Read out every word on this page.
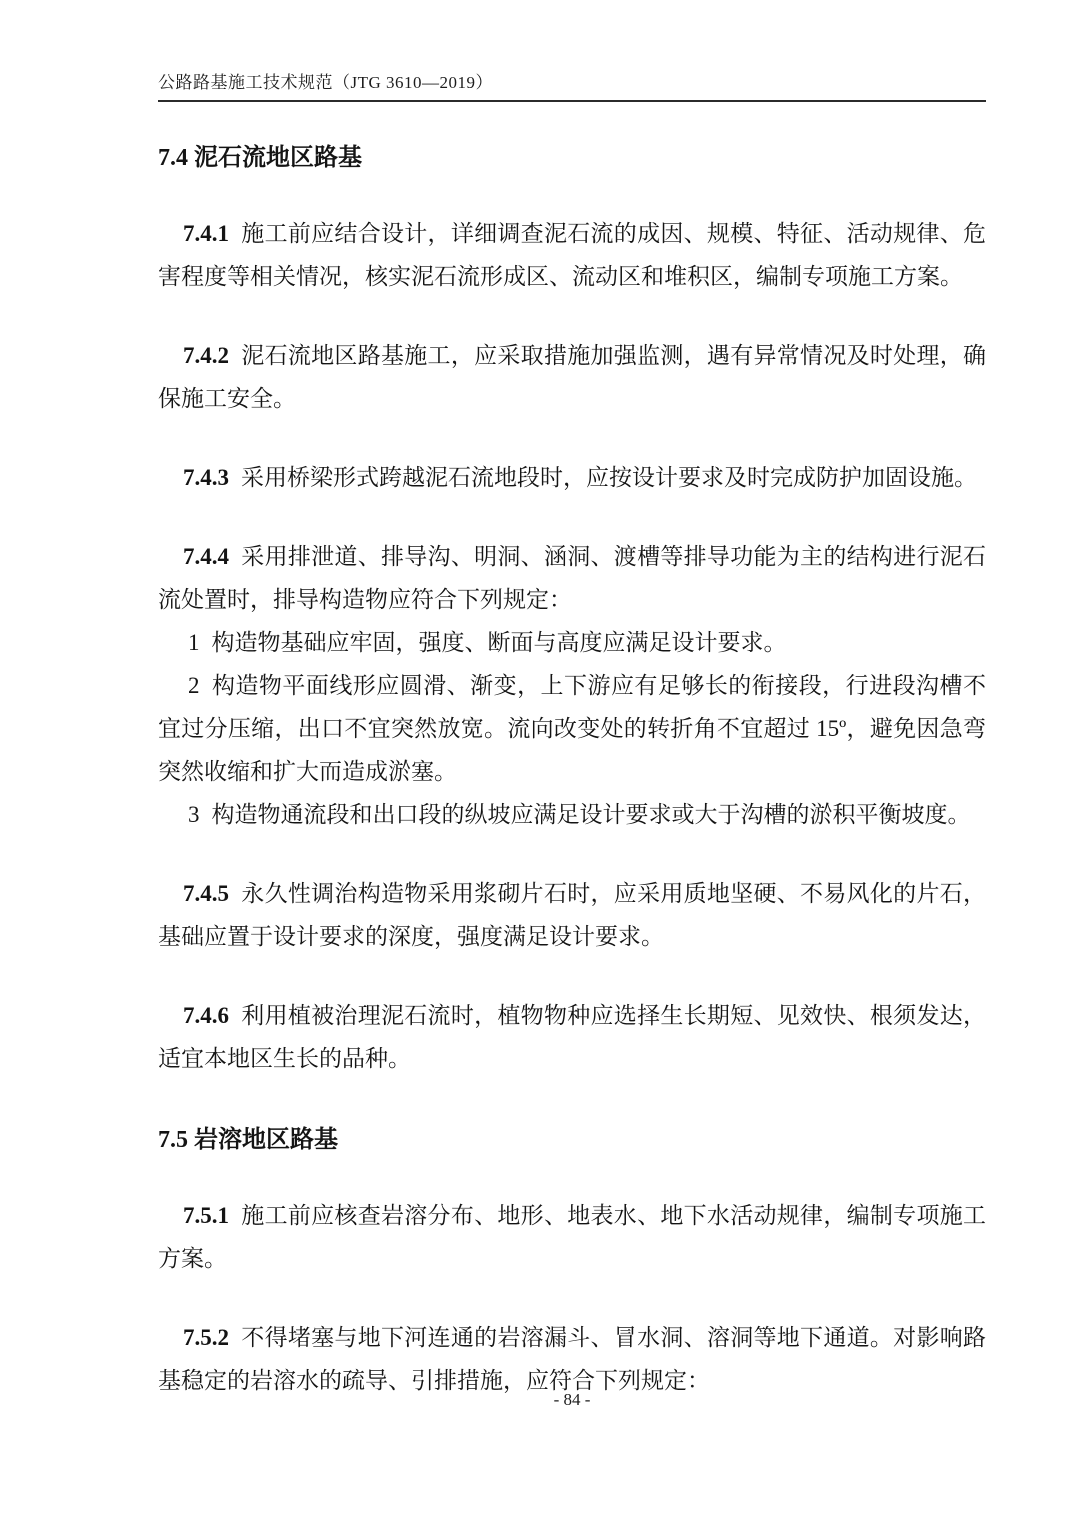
公路路基施工技术规范（JTG 3610—2019）
7.4 泥石流地区路基

7.4.1 施工前应结合设计，详细调查泥石流的成因、规模、特征、活动规律、危害程度等相关情况，核实泥石流形成区、流动区和堆积区，编制专项施工方案。

7.4.2 泥石流地区路基施工，应采取措施加强监测，遇有异常情况及时处理，确保施工安全。

7.4.3 采用桥梁形式跨越泥石流地段时，应按设计要求及时完成防护加固设施。

7.4.4 采用排泄道、排导沟、明洞、涵洞、渡槽等排导功能为主的结构进行泥石流处置时，排导构造物应符合下列规定：

1 构造物基础应牢固，强度、断面与高度应满足设计要求。

2 构造物平面线形应圆滑、渐变，上下游应有足够长的衔接段，行进段沟槽不宜过分压缩，出口不宜突然放宽。流向改变处的转折角不宜超过 15º，避免因急弯突然收缩和扩大而造成淤塞。

3 构造物通流段和出口段的纵坡应满足设计要求或大于沟槽的淤积平衡坡度。

7.4.5 永久性调治构造物采用浆砌片石时，应采用质地坚硬、不易风化的片石，基础应置于设计要求的深度，强度满足设计要求。

7.4.6 利用植被治理泥石流时，植物物种应选择生长期短、见效快、根须发达，适宜本地区生长的品种。

7.5 岩溶地区路基

7.5.1 施工前应核查岩溶分布、地形、地表水、地下水活动规律，编制专项施工方案。

7.5.2 不得堵塞与地下河连通的岩溶漏斗、冒水洞、溶洞等地下通道。对影响路基稳定的岩溶水的疏导、引排措施，应符合下列规定：

- 84 -
